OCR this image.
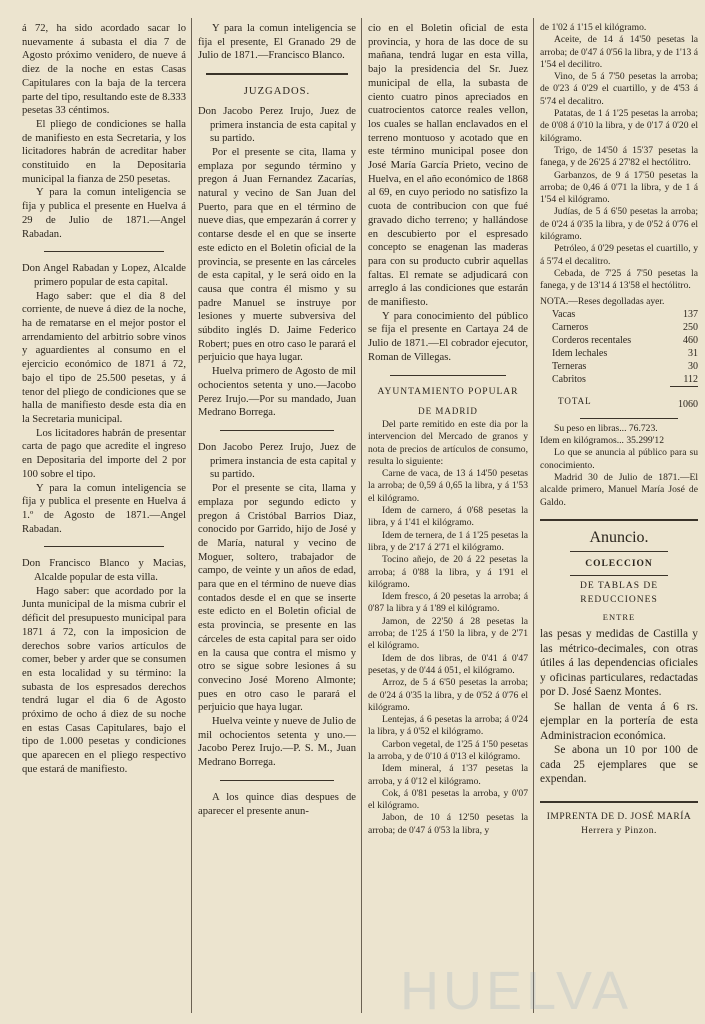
á 72, ha sido acordado sacar lo nuevamente á subasta el dia 7 de Agosto próximo venidero, de nueve á diez de la noche en estas Casas Capitulares con la baja de la tercera parte del tipo, resultando este de 8.333 pesetas 33 céntimos.

El pliego de condiciones se halla de manifiesto en esta Secretaria, y los licitadores habrán de acreditar haber constituido en la Depositaria municipal la fianza de 250 pesetas.

Y para la comun inteligencia se fija y publica el presente en Huelva á 29 de Julio de 1871.—Angel Rabadan.

Don Angel Rabadan y Lopez, Alcalde primero popular de esta capital.

Hago saber: que el dia 8 del corriente, de nueve á diez de la noche, ha de rematarse en el mejor postor el arrendamiento del arbitrio sobre vinos y aguardientes al consumo en el ejercicio económico de 1871 á 72, bajo el tipo de 25.500 pesetas, y á tenor del pliego de condiciones que se halla de manifiesto desde esta dia en la Secretaria municipal.

Los licitadores habrán de presentar carta de pago que acredite el ingreso en Depositaria del importe del 2 por 100 sobre el tipo.

Y para la comun inteligencia se fija y publica el presente en Huelva á 1.º de Agosto de 1871.—Angel Rabadan.

Don Francisco Blanco y Macias, Alcalde popular de esta villa.

Hago saber: que acordado por la Junta municipal de la misma cubrir el déficit del presupuesto municipal para 1871 á 72, con la imposicion de derechos sobre varios artículos de comer, beber y arder que se consumen en esta localidad y su término: la subasta de los espresados derechos tendrá lugar el dia 6 de Agosto próximo de ocho á diez de su noche en estas Casas Capitulares, bajo el tipo de 1.000 pesetas y condiciones que aparecen en el pliego respectivo que estará de manifiesto.

Y para la comun inteligencia se fija el presente, El Granado 29 de Julio de 1871.—Francisco Blanco.

JUZGADOS.

Don Jacobo Perez Irujo, Juez de primera instancia de esta capital y su partido.

Por el presente se cita, llama y emplaza por segundo término y pregon á Juan Fernandez Zacarías, natural y vecino de San Juan del Puerto, para que en el término de nueve dias, que empezarán á correr y contarse desde el en que se inserte este edicto en el Boletin oficial de la provincia, se presente en las cárceles de esta capital, y le será oido en la causa que contra él mismo y su padre Manuel se instruye por lesiones y muerte subversiva del súbdito inglés D. Jaime Federico Robert; pues en otro caso le parará el perjuicio que haya lugar.

Huelva primero de Agosto de mil ochocientos setenta y uno.—Jacobo Perez Irujo.—Por su mandado, Juan Medrano Borrega.

Don Jacobo Perez Irujo, Juez de primera instancia de esta capital y su partido.

Por el presente se cita, llama y emplaza por segundo edicto y pregon á Cristóbal Barrios Diaz, conocido por Garrido, hijo de José y de María, natural y vecino de Moguer, soltero, trabajador de campo, de veinte y un años de edad, para que en el término de nueve dias contados desde el en que se inserte este edicto en el Boletin oficial de esta provincia, se presente en las cárceles de esta capital para ser oido en la causa que contra el mismo y otro se sigue sobre lesiones á su convecino José Moreno Almonte; pues en otro caso le parará el perjuicio que haya lugar.

Huelva veinte y nueve de Julio de mil ochocientos setenta y uno.—Jacobo Perez Irujo.—P. S. M., Juan Medrano Borrega.

A los quince dias despues de aparecer el presente anun-

cio en el Boletin oficial de esta provincia, y hora de las doce de su mañana, tendrá lugar en esta villa, bajo la presidencia del Sr. Juez municipal de ella, la subasta de ciento cuatro pinos apreciados en cuatrocientos catorce reales vellon, los cuales se hallan enclavados en el terreno montuoso y acotado que en este término municipal posee don José María García Prieto, vecino de Huelva, en el año económico de 1868 al 69, en cuyo periodo no satisfizo la cuota de contribucion con que fué gravado dicho terreno; y hallándose en descubierto por el espresado concepto se enagenan las maderas para con su producto cubrir aquellas faltas. El remate se adjudicará con arreglo á las condiciones que estarán de manifiesto.

Y para conocimiento del público se fija el presente en Cartaya 24 de Julio de 1871.—El cobrador ejecutor, Roman de Villegas.

AYUNTAMIENTO POPULAR

DE MADRID

Del parte remitido en este dia por la intervencion del Mercado de granos y nota de precios de artículos de consumo, resulta lo siguiente:

Carne de vaca, de 13 á 14'50 pesetas la arroba; de 0,59 á 0,65 la libra, y á 1'53 el kilógramo.

Idem de carnero, á 0'68 pesetas la libra, y á 1'41 el kilógramo.

Idem de ternera, de 1 á 1'25 pesetas la libra, y de 2'17 á 2'71 el kilógramo.

Tocino añejo, de 20 á 22 pesetas la arroba; á 0'88 la libra, y á 1'91 el kilógramo.

Idem fresco, á 20 pesetas la arroba; á 0'87 la libra y á 1'89 el kilógramo.

Jamon, de 22'50 á 28 pesetas la arroba; de 1'25 á 1'50 la libra, y de 2'71 el kilógramo.

Idem de dos libras, de 0'41 á 0'47 pesetas, y de 0'44 á 051, el kilógramo.

Arroz, de 5 á 6'50 pesetas la arroba; de 0'24 á 0'35 la libra, y de 0'52 á 0'76 el kilógramo.

Lentejas, á 6 pesetas la arroba; á 0'24 la libra, y á 0'52 el kilógramo.

Carbon vegetal, de 1'25 á 1'50 pesetas la arroba, y de 0'10 á 0'13 el kilógramo.

Idem mineral, á 1'37 pesetas la arroba, y á 0'12 el kilógramo.

Cok, á 0'81 pesetas la arroba, y 0'07 el kilógramo.

Jabon, de 10 á 12'50 pesetas la arroba; de 0'47 á 0'53 la libra, y

de 1'02 á 1'15 el kilógramo.

Aceite, de 14 á 14'50 pesetas la arroba; de 0'47 á 0'56 la libra, y de 1'13 á 1'54 el decilitro.

Vino, de 5 á 7'50 pesetas la arroba; de 0'23 á 0'29 el cuartillo, y de 4'53 á 5'74 el decalitro.

Patatas, de 1 á 1'25 pesetas la arroba; de 0'08 á 0'10 la libra, y de 0'17 á 0'20 el kilógramo.

Trigo, de 14'50 á 15'37 pesetas la fanega, y de 26'25 á 27'82 el hectólitro.

Garbanzos, de 9 á 17'50 pesetas la arroba; de 0,46 á 0'71 la libra, y de 1 á 1'54 el kilógramo.

Judías, de 5 á 6'50 pesetas la arroba; de 0'24 á 0'35 la libra, y de 0'52 á 0'76 el kilógramo.

Petróleo, á 0'29 pesetas el cuartillo, y á 5'74 el decalitro.

Cebada, de 7'25 á 7'50 pesetas la fanega, y de 13'14 á 13'58 el hectólitro.

NOTA.—Reses degolladas ayer.

Vacas	137
Carneros	250
Corderos recentales	460
Idem lechales	31
Terneras	30
Cabritos	112
TOTAL	1060

Su peso en libras... 76.723.

Idem en kilógramos... 35.299'12

Lo que se anuncia al público para su conocimiento.

Madrid 30 de Julio de 1871.—El alcalde primero, Manuel María José de Galdo.

Anuncio.

COLECCION

DE TABLAS DE REDUCCIONES

ENTRE

las pesas y medidas de Castilla y las métrico-decimales, con otras útiles á las dependencias oficiales y oficinas particulares, redactadas por D. José Saenz Montes.

Se hallan de venta á 6 rs. ejemplar en la portería de esta Administracion económica.

Se abona un 10 por 100 de cada 25 ejemplares que se expendan.

IMPRENTA DE D. JOSÉ MARÍA Herrera y Pinzon.

HUELVA
